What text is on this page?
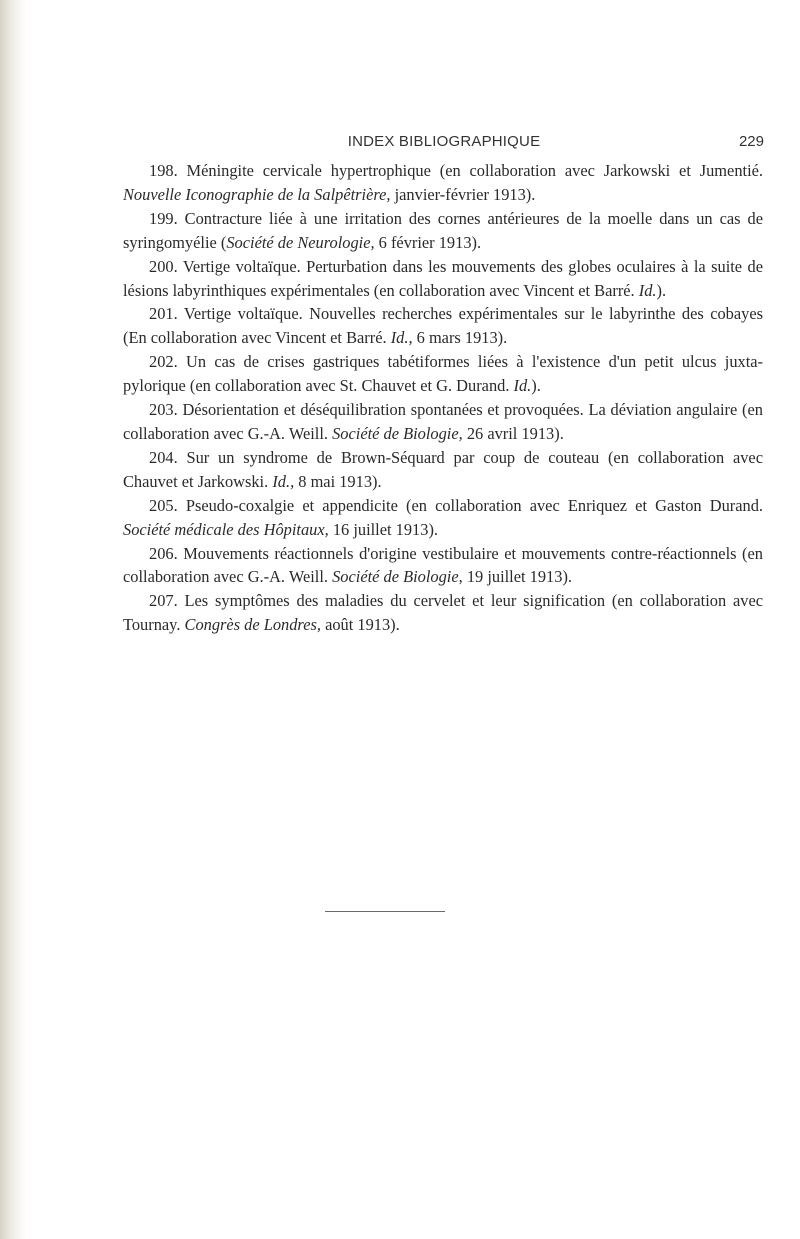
INDEX BIBLIOGRAPHIQUE	229

198. Méningite cervicale hypertrophique (en collaboration avec Jarkowski et Jumentié. Nouvelle Iconographie de la Salpêtrière, janvier-février 1913).

199. Contracture liée à une irritation des cornes antérieures de la moelle dans un cas de syringomyélie (Société de Neurologie, 6 février 1913).

200. Vertige voltaïque. Perturbation dans les mouvements des globes oculaires à la suite de lésions labyrinthiques expérimentales (en collaboration avec Vincent et Barré. Id.).

201. Vertige voltaïque. Nouvelles recherches expérimentales sur le labyrinthe des cobayes (En collaboration avec Vincent et Barré. Id., 6 mars 1913).

202. Un cas de crises gastriques tabétiformes liées à l'existence d'un petit ulcus juxta-pylorique (en collaboration avec St. Chauvet et G. Durand. Id.).

203. Désorientation et déséquilibration spontanées et provoquées. La déviation angulaire (en collaboration avec G.-A. Weill. Société de Biologie, 26 avril 1913).

204. Sur un syndrome de Brown-Séquard par coup de couteau (en collaboration avec Chauvet et Jarkowski. Id., 8 mai 1913).

205. Pseudo-coxalgie et appendicite (en collaboration avec Enriquez et Gaston Durand. Société médicale des Hôpitaux, 16 juillet 1913).

206. Mouvements réactionnels d'origine vestibulaire et mouvements contre-réactionnels (en collaboration avec G.-A. Weill. Société de Biologie, 19 juillet 1913).

207. Les symptômes des maladies du cervelet et leur signification (en collaboration avec Tournay. Congrès de Londres, août 1913).
